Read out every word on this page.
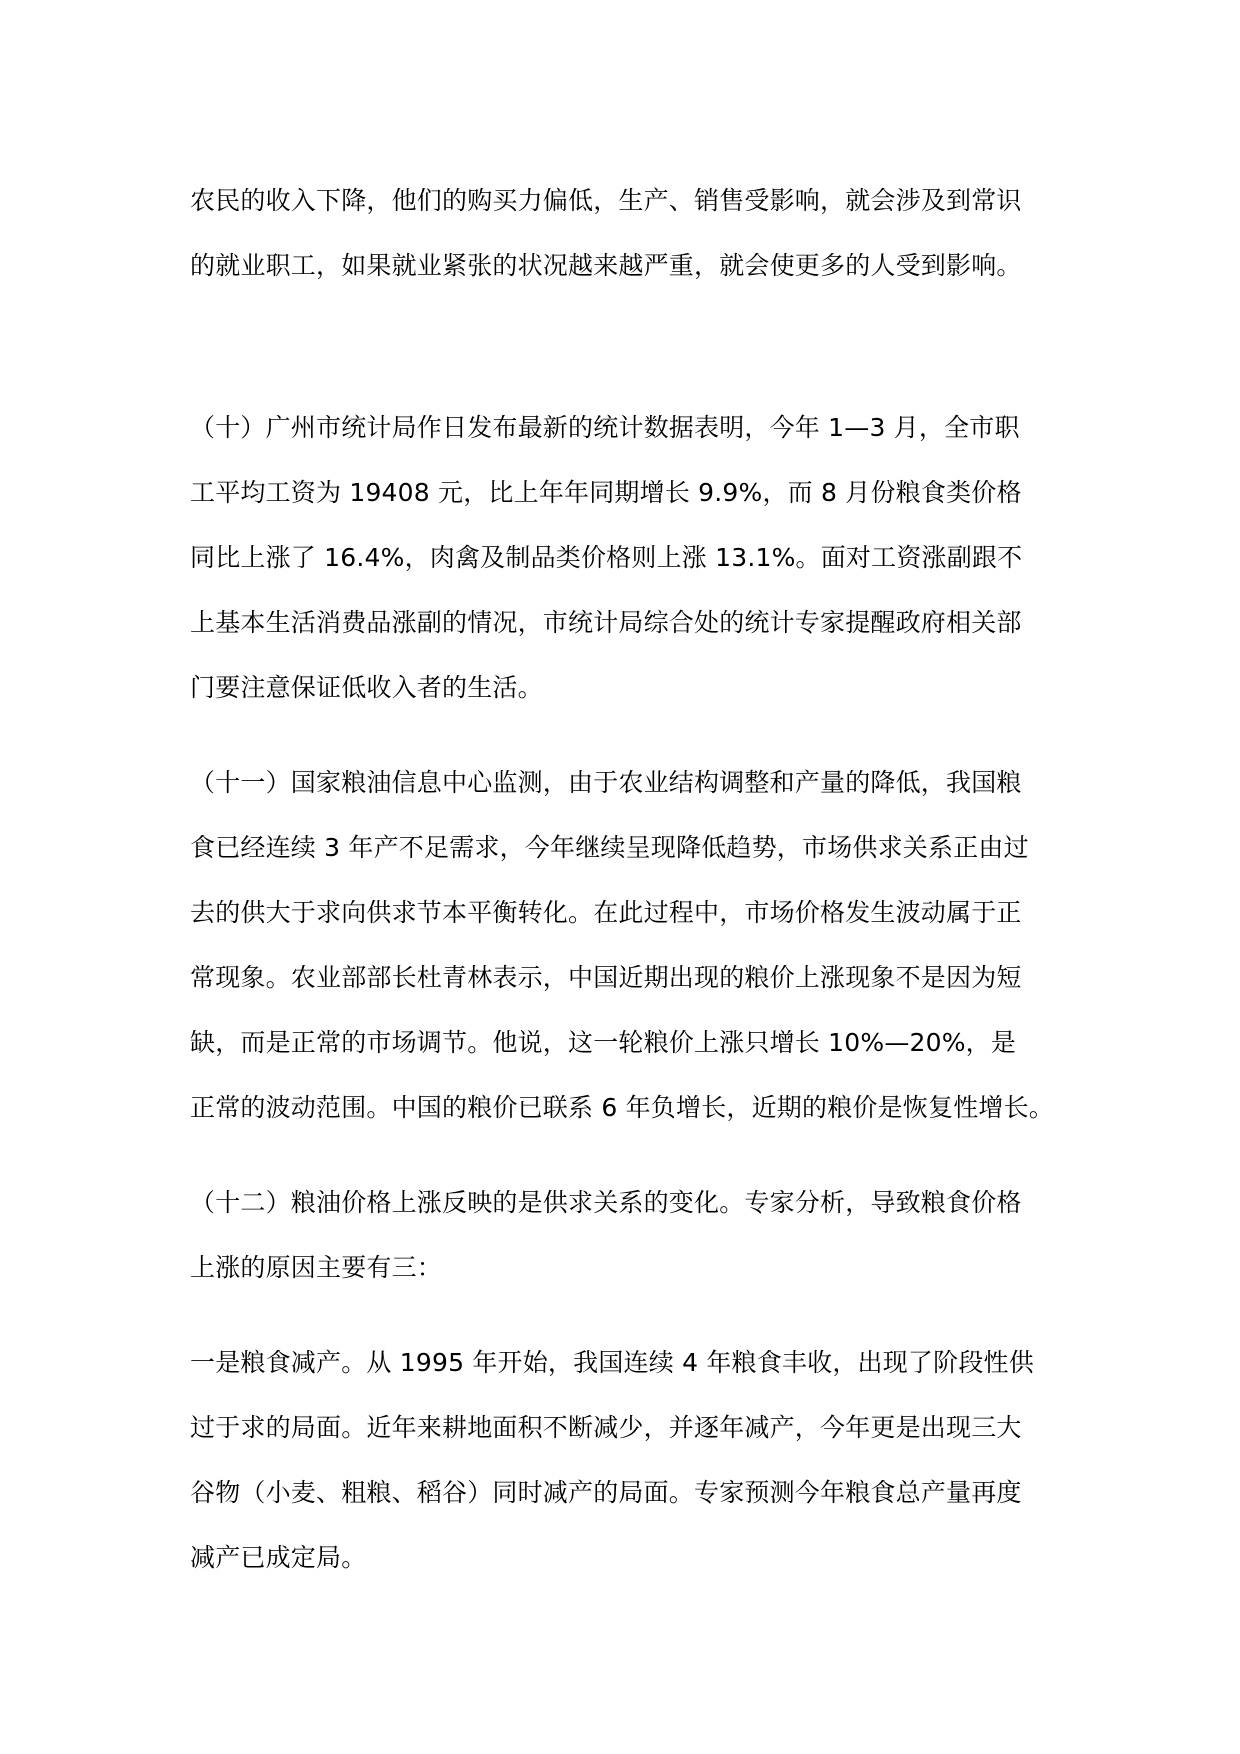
农民的收入下降，他们的购买力偏低，生产、销售受影响，就会涉及到常识
的就业职工，如果就业紧张的状况越来越严重，就会使更多的人受到影响。
（十）广州市统计局作日发布最新的统计数据表明，今年 1—3 月，全市职
工平均工资为 19408 元，比上年年同期增长 9.9%，而 8 月份粮食类价格
同比上涨了 16.4%，肉禽及制品类价格则上涨 13.1%。面对工资涨副跟不
上基本生活消费品涨副的情况，市统计局综合处的统计专家提醒政府相关部
门要注意保证低收入者的生活。
（十一）国家粮油信息中心监测，由于农业结构调整和产量的降低，我国粮
食已经连续 3 年产不足需求，今年继续呈现降低趋势，市场供求关系正由过
去的供大于求向供求节本平衡转化。在此过程中，市场价格发生波动属于正
常现象。农业部部长杜青林表示，中国近期出现的粮价上涨现象不是因为短
缺，而是正常的市场调节。他说，这一轮粮价上涨只增长 10%—20%，是
正常的波动范围。中国的粮价已联系 6 年负增长，近期的粮价是恢复性增长。
（十二）粮油价格上涨反映的是供求关系的变化。专家分析，导致粮食价格
上涨的原因主要有三：
一是粮食减产。从 1995 年开始，我国连续 4 年粮食丰收，出现了阶段性供
过于求的局面。近年来耕地面积不断减少，并逐年减产，今年更是出现三大
谷物（小麦、粗粮、稻谷）同时减产的局面。专家预测今年粮食总产量再度
减产已成定局。
